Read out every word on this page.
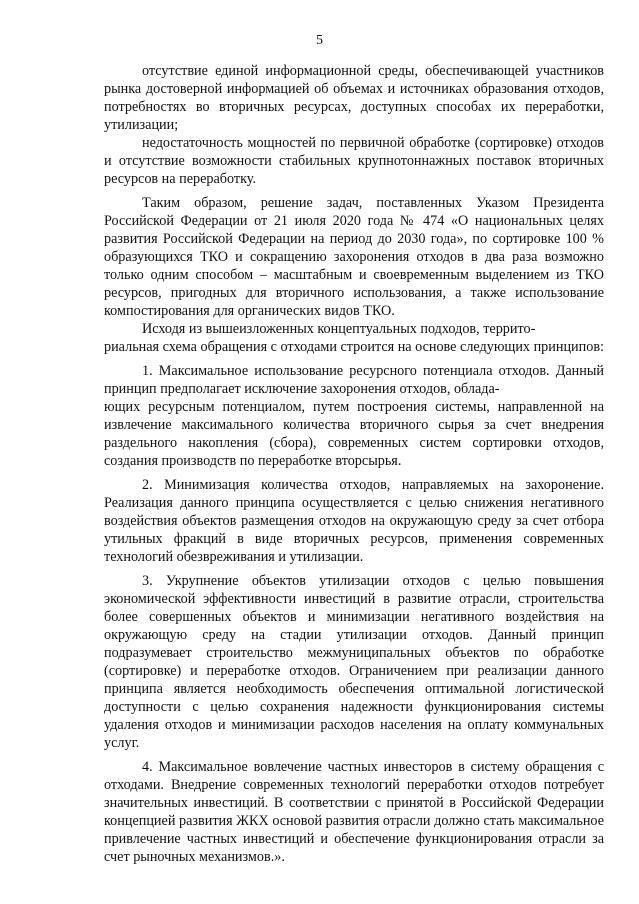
5

отсутствие единой информационной среды, обеспечивающей участников рынка достоверной информацией об объемах и источниках образования отходов, потребностях во вторичных ресурсах, доступных способах их переработки, утилизации;

недостаточность мощностей по первичной обработке (сортировке) отходов и отсутствие возможности стабильных крупнотоннажных поставок вторичных ресурсов на переработку.

Таким образом, решение задач, поставленных Указом Президента Российской Федерации от 21 июля 2020 года № 474 «О национальных целях развития Российской Федерации на период до 2030 года», по сортировке 100 % образующихся ТКО и сокращению захоронения отходов в два раза возможно только одним способом – масштабным и своевременным выделением из ТКО ресурсов, пригодных для вторичного использования, а также использование компостирования для органических видов ТКО.

Исходя из вышеизложенных концептуальных подходов, террито-
риальная схема обращения с отходами строится на основе следующих принципов:

1. Максимальное использование ресурсного потенциала отходов. Данный принцип предполагает исключение захоронения отходов, облада-
ющих ресурсным потенциалом, путем построения системы, направленной на извлечение максимального количества вторичного сырья за счет внедрения раздельного накопления (сбора), современных систем сортировки отходов, создания производств по переработке вторсырья.

2. Минимизация количества отходов, направляемых на захоронение. Реализация данного принципа осуществляется с целью снижения негативного воздействия объектов размещения отходов на окружающую среду за счет отбора утильных фракций в виде вторичных ресурсов, применения современных технологий обезвреживания и утилизации.

3. Укрупнение объектов утилизации отходов с целью повышения экономической эффективности инвестиций в развитие отрасли, строительства более совершенных объектов и минимизации негативного воздействия на окружающую среду на стадии утилизации отходов. Данный принцип подразумевает строительство межмуниципальных объектов по обработке (сортировке) и переработке отходов. Ограничением при реализации данного принципа является необходимость обеспечения оптимальной логистической доступности с целью сохранения надежности функционирования системы удаления отходов и минимизации расходов населения на оплату коммунальных услуг.

4. Максимальное вовлечение частных инвесторов в систему обращения с отходами. Внедрение современных технологий переработки отходов потребует значительных инвестиций. В соответствии с принятой в Российской Федерации концепцией развития ЖКХ основой развития отрасли должно стать максимальное привлечение частных инвестиций и обеспечение функционирования отрасли за счет рыночных механизмов.».
